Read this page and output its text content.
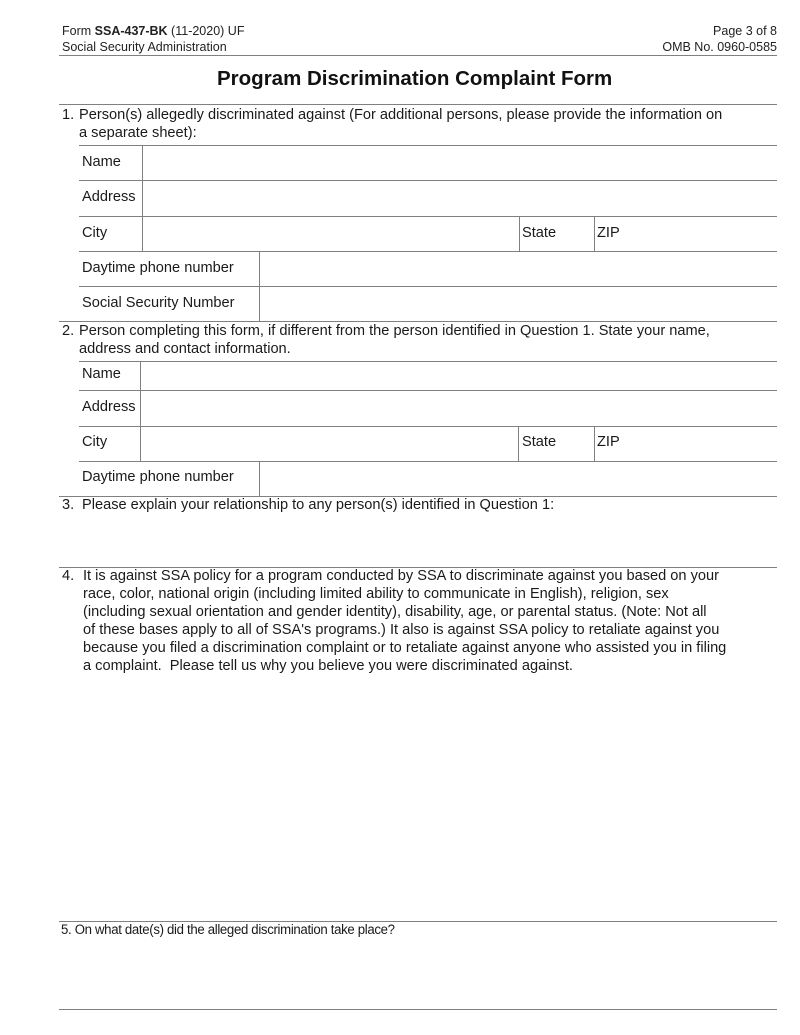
Form SSA-437-BK (11-2020) UF
Social Security Administration
Page 3 of 8
OMB No. 0960-0585
Program Discrimination Complaint Form
1. Person(s) allegedly discriminated against (For additional persons, please provide the information on
a separate sheet):
Name
Address
City	State	ZIP
Daytime phone number
Social Security Number
2. Person completing this form, if different from the person identified in Question 1. State your name,
address and contact information.
Name
Address
City	State	ZIP
Daytime phone number
3. Please explain your relationship to any person(s) identified in Question 1:
4. It is against SSA policy for a program conducted by SSA to discriminate against you based on your
race, color, national origin (including limited ability to communicate in English), religion, sex
(including sexual orientation and gender identity), disability, age, or parental status. (Note: Not all
of these bases apply to all of SSA's programs.) It also is against SSA policy to retaliate against you
because you filed a discrimination complaint or to retaliate against anyone who assisted you in filing
a complaint.  Please tell us why you believe you were discriminated against.
5. On what date(s) did the alleged discrimination take place?
